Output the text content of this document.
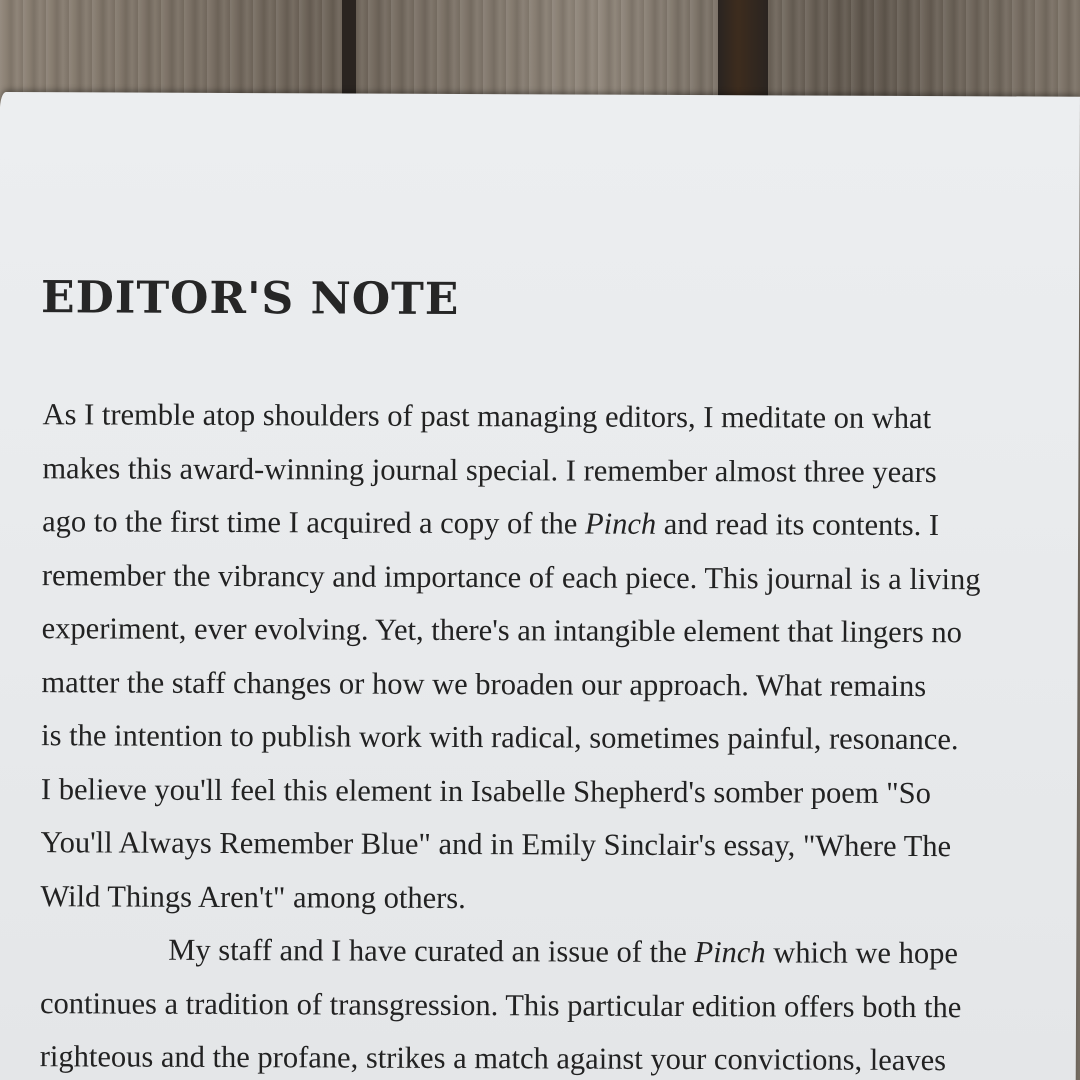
EDITOR'S NOTE
As I tremble atop shoulders of past managing editors, I meditate on what
makes this award-winning journal special. I remember almost three years
ago to the first time I acquired a copy of the Pinch and read its contents. I
remember the vibrancy and importance of each piece. This journal is a living
experiment, ever evolving. Yet, there's an intangible element that lingers no
matter the staff changes or how we broaden our approach. What remains
is the intention to publish work with radical, sometimes painful, resonance.
I believe you'll feel this element in Isabelle Shepherd's somber poem "So
You'll Always Remember Blue" and in Emily Sinclair's essay, "Where The
Wild Things Aren't" among others.
My staff and I have curated an issue of the Pinch which we hope
continues a tradition of transgression. This particular edition offers both the
righteous and the profane, strikes a match against your convictions, leaves
